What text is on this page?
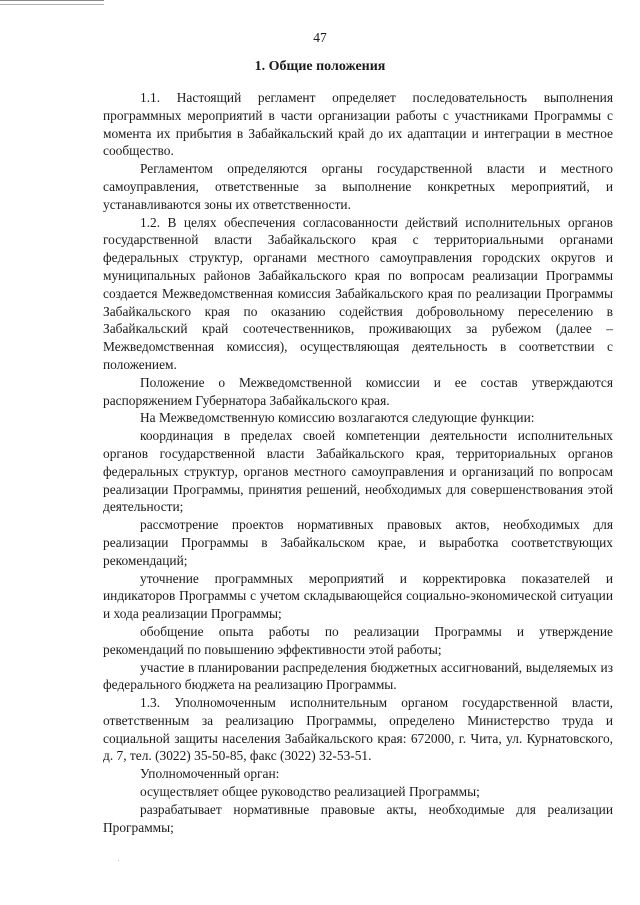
47
1. Общие положения

1.1. Настоящий регламент определяет последовательность выполнения программных мероприятий в части организации работы с участниками Программы с момента их прибытия в Забайкальский край до их адаптации и интеграции в местное сообщество.

Регламентом определяются органы государственной власти и местного самоуправления, ответственные за выполнение конкретных мероприятий, и устанавливаются зоны их ответственности.

1.2. В целях обеспечения согласованности действий исполнительных органов государственной власти Забайкальского края с территориальными органами федеральных структур, органами местного самоуправления городских округов и муниципальных районов Забайкальского края по вопросам реализации Программы создается Межведомственная комиссия Забайкальского края по реализации Программы Забайкальского края по оказанию содействия добровольному переселению в Забайкальский край соотечественников, проживающих за рубежом (далее – Межведомственная комиссия), осуществляющая деятельность в соответствии с положением.

Положение о Межведомственной комиссии и ее состав утверждаются распоряжением Губернатора Забайкальского края.

На Межведомственную комиссию возлагаются следующие функции:

координация в пределах своей компетенции деятельности исполнительных органов государственной власти Забайкальского края, территориальных органов федеральных структур, органов местного самоуправления и организаций по вопросам реализации Программы, принятия решений, необходимых для совершенствования этой деятельности;

рассмотрение проектов нормативных правовых актов, необходимых для реализации Программы в Забайкальском крае, и выработка соответствующих рекомендаций;

уточнение программных мероприятий и корректировка показателей и индикаторов Программы с учетом складывающейся социально-экономической ситуации и хода реализации Программы;

обобщение опыта работы по реализации Программы и утверждение рекомендаций по повышению эффективности этой работы;

участие в планировании распределения бюджетных ассигнований, выделяемых из федерального бюджета на реализацию Программы.

1.3. Уполномоченным исполнительным органом государственной власти, ответственным за реализацию Программы, определено Министерство труда и социальной защиты населения Забайкальского края: 672000, г. Чита, ул. Курнатовского, д. 7, тел. (3022) 35-50-85, факс (3022) 32-53-51.

Уполномоченный орган:

осуществляет общее руководство реализацией Программы;

разрабатывает нормативные правовые акты, необходимые для реализации Программы;
